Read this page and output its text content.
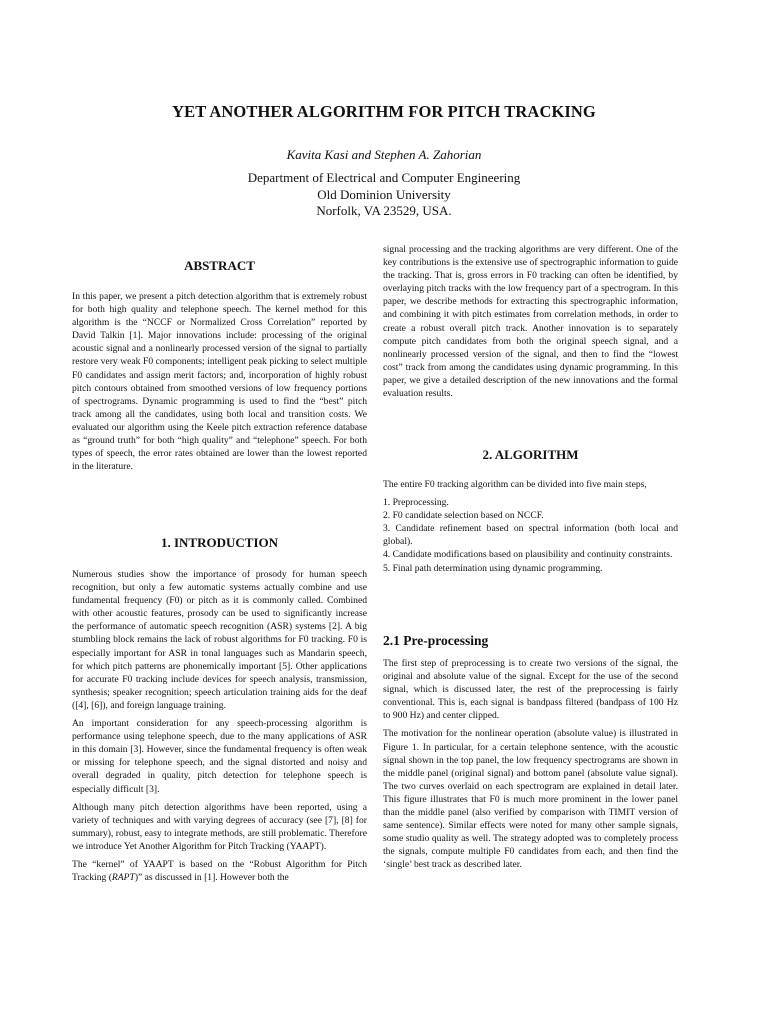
YET ANOTHER ALGORITHM FOR PITCH TRACKING
Kavita Kasi and Stephen A. Zahorian
Department of Electrical and Computer Engineering
Old Dominion University
Norfolk, VA 23529, USA.
ABSTRACT

In this paper, we present a pitch detection algorithm that is extremely robust for both high quality and telephone speech. The kernel method for this algorithm is the “NCCF or Normalized Cross Correlation” reported by David Talkin [1]. Major innovations include: processing of the original acoustic signal and a nonlinearly processed version of the signal to partially restore very weak F0 components; intelligent peak picking to select multiple F0 candidates and assign merit factors; and, incorporation of highly robust pitch contours obtained from smoothed versions of low frequency portions of spectrograms. Dynamic programming is used to find the “best” pitch track among all the candidates, using both local and transition costs. We evaluated our algorithm using the Keele pitch extraction reference database as “ground truth” for both “high quality” and “telephone” speech. For both types of speech, the error rates obtained are lower than the lowest reported in the literature.

1. INTRODUCTION

Numerous studies show the importance of prosody for human speech recognition, but only a few automatic systems actually combine and use fundamental frequency (F0) or pitch as it is commonly called. Combined with other acoustic features, prosody can be used to significantly increase the performance of automatic speech recognition (ASR) systems [2]. A big stumbling block remains the lack of robust algorithms for F0 tracking. F0 is especially important for ASR in tonal languages such as Mandarin speech, for which pitch patterns are phonemically important [5]. Other applications for accurate F0 tracking include devices for speech analysis, transmission, synthesis; speaker recognition; speech articulation training aids for the deaf ([4], [6]), and foreign language training.

An important consideration for any speech-processing algorithm is performance using telephone speech, due to the many applications of ASR in this domain [3]. However, since the fundamental frequency is often weak or missing for telephone speech, and the signal distorted and noisy and overall degraded in quality, pitch detection for telephone speech is especially difficult [3].

Although many pitch detection algorithms have been reported, using a variety of techniques and with varying degrees of accuracy (see [7], [8] for summary), robust, easy to integrate methods, are still problematic. Therefore we introduce Yet Another Algorithm for Pitch Tracking (YAAPT).

The “kernel” of YAAPT is based on the “Robust Algorithm for Pitch Tracking (RAPT)” as discussed in [1]. However both the

signal processing and the tracking algorithms are very different. One of the key contributions is the extensive use of spectrographic information to guide the tracking. That is, gross errors in F0 tracking can often be identified, by overlaying pitch tracks with the low frequency part of a spectrogram. In this paper, we describe methods for extracting this spectrographic information, and combining it with pitch estimates from correlation methods, in order to create a robust overall pitch track. Another innovation is to separately compute pitch candidates from both the original speech signal, and a nonlinearly processed version of the signal, and then to find the “lowest cost” track from among the candidates using dynamic programming. In this paper, we give a detailed description of the new innovations and the formal evaluation results.

2. ALGORITHM

The entire F0 tracking algorithm can be divided into five main steps,

1. Preprocessing.
2. F0 candidate selection based on NCCF.
3. Candidate refinement based on spectral information (both local and global).
4. Candidate modifications based on plausibility and continuity constraints.
5. Final path determination using dynamic programming.
2.1 Pre-processing

The first step of preprocessing is to create two versions of the signal, the original and absolute value of the signal. Except for the use of the second signal, which is discussed later, the rest of the preprocessing is fairly conventional. This is, each signal is bandpass filtered (bandpass of 100 Hz to 900 Hz) and center clipped.

The motivation for the nonlinear operation (absolute value) is illustrated in Figure 1. In particular, for a certain telephone sentence, with the acoustic signal shown in the top panel, the low frequency spectrograms are shown in the middle panel (original signal) and bottom panel (absolute value signal). The two curves overlaid on each spectrogram are explained in detail later. This figure illustrates that F0 is much more prominent in the lower panel than the middle panel (also verified by comparison with TIMIT version of same sentence). Similar effects were noted for many other sample signals, some studio quality as well. The strategy adopted was to completely process the signals, compute multiple F0 candidates from each, and then find the ‘single’ best track as described later.
